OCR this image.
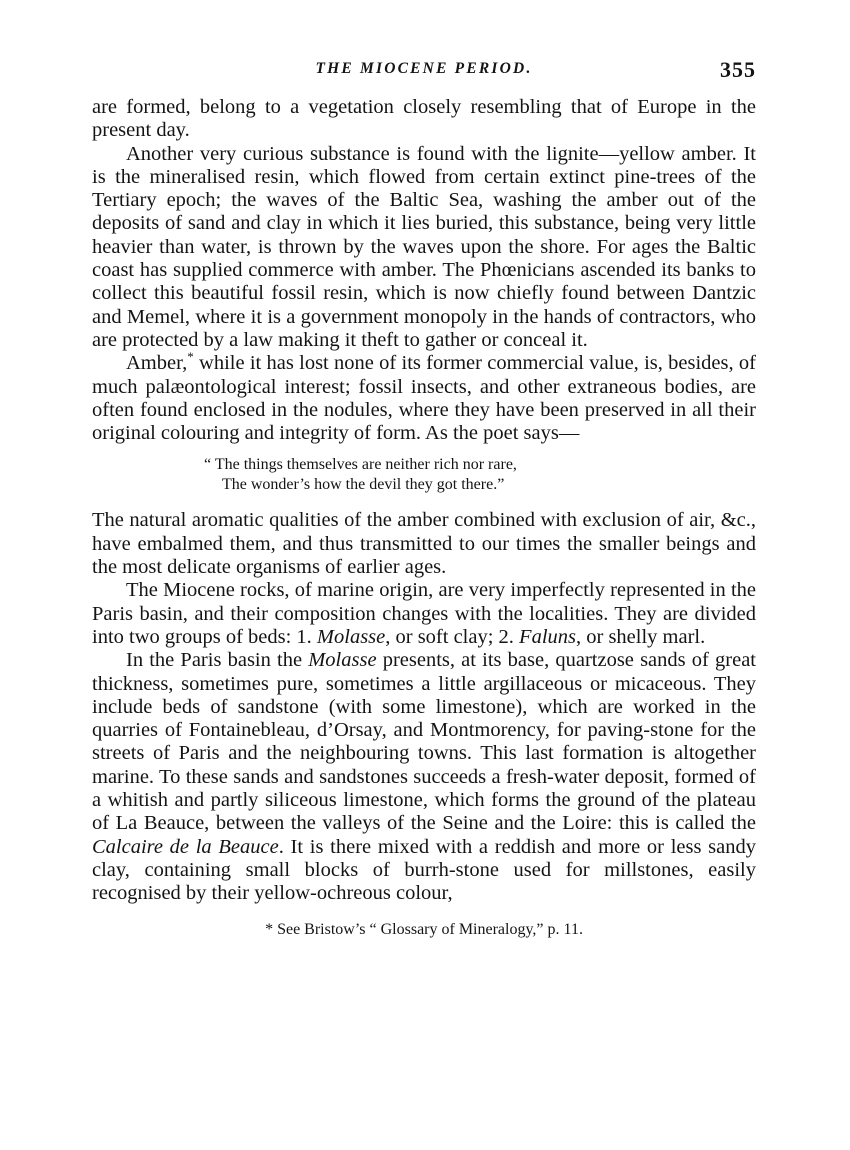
THE MIOCENE PERIOD.	355

are formed, belong to a vegetation closely resembling that of Europe in the present day.

Another very curious substance is found with the lignite—yellow amber. It is the mineralised resin, which flowed from certain extinct pine-trees of the Tertiary epoch; the waves of the Baltic Sea, washing the amber out of the deposits of sand and clay in which it lies buried, this substance, being very little heavier than water, is thrown by the waves upon the shore. For ages the Baltic coast has supplied commerce with amber. The Phœnicians ascended its banks to collect this beautiful fossil resin, which is now chiefly found between Dantzic and Memel, where it is a government monopoly in the hands of contractors, who are protected by a law making it theft to gather or conceal it.

Amber,* while it has lost none of its former commercial value, is, besides, of much palæontological interest; fossil insects, and other extraneous bodies, are often found enclosed in the nodules, where they have been preserved in all their original colouring and integrity of form. As the poet says—

“ The things themselves are neither rich nor rare,
The wonder’s how the devil they got there.”

The natural aromatic qualities of the amber combined with exclusion of air, &c., have embalmed them, and thus transmitted to our times the smaller beings and the most delicate organisms of earlier ages.

The Miocene rocks, of marine origin, are very imperfectly represented in the Paris basin, and their composition changes with the localities. They are divided into two groups of beds: 1. Molasse, or soft clay; 2. Faluns, or shelly marl.

In the Paris basin the Molasse presents, at its base, quartzose sands of great thickness, sometimes pure, sometimes a little argillaceous or micaceous. They include beds of sandstone (with some limestone), which are worked in the quarries of Fontainebleau, d’Orsay, and Montmorency, for paving-stone for the streets of Paris and the neighbouring towns. This last formation is altogether marine. To these sands and sandstones succeeds a fresh-water deposit, formed of a whitish and partly siliceous limestone, which forms the ground of the plateau of La Beauce, between the valleys of the Seine and the Loire: this is called the Calcaire de la Beauce. It is there mixed with a reddish and more or less sandy clay, containing small blocks of burrh-stone used for millstones, easily recognised by their yellow-ochreous colour,

* See Bristow’s “ Glossary of Mineralogy,” p. 11.
